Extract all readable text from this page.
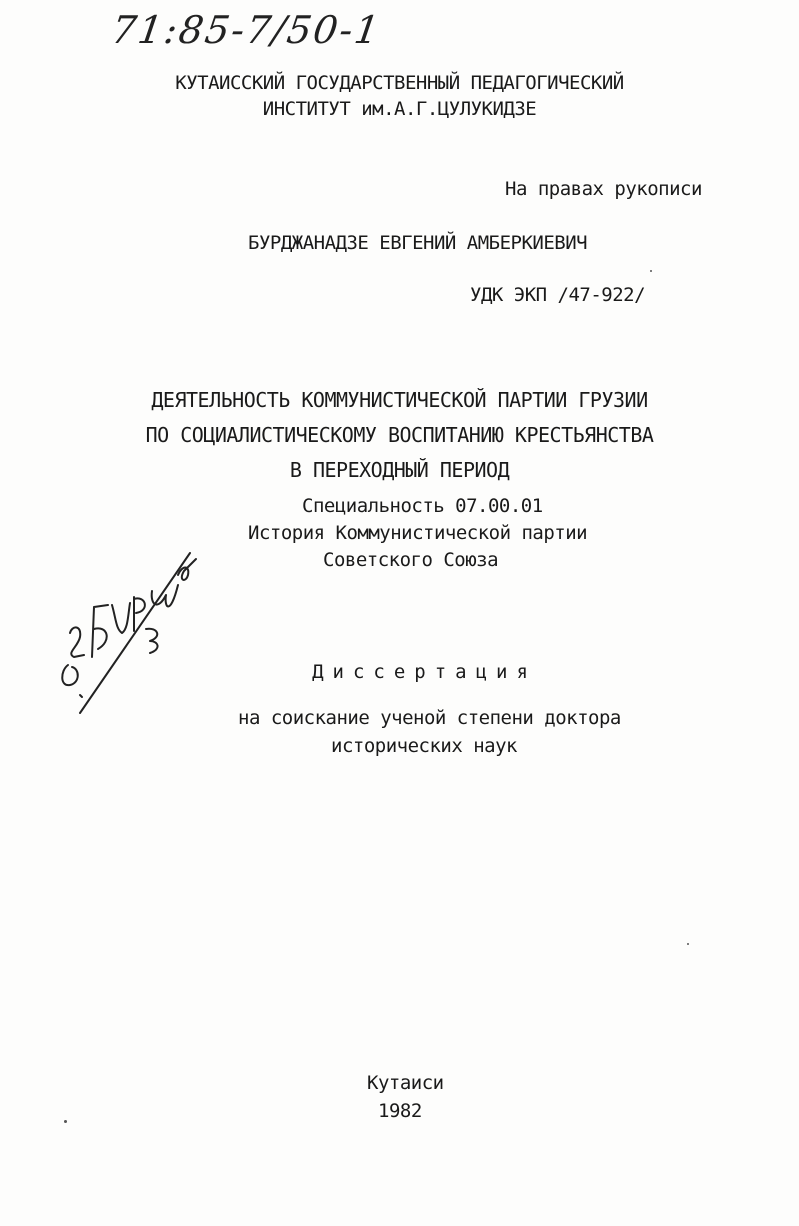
71:85-7/50-1
КУТАИССКИЙ ГОСУДАРСТВЕННЫЙ ПЕДАГОГИЧЕСКИЙ
ИНСТИТУТ им.А.Г.ЦУЛУКИДЗЕ
На правах рукописи
БУРДЖАНАДЗЕ ЕВГЕНИЙ АМБЕРКИЕВИЧ
УДК ЭКП /47-922/
ДЕЯТЕЛЬНОСТЬ КОММУНИСТИЧЕСКОЙ ПАРТИИ ГРУЗИИ
ПО СОЦИАЛИСТИЧЕСКОМУ ВОСПИТАНИЮ КРЕСТЬЯНСТВА
В ПЕРЕХОДНЫЙ ПЕРИОД
Специальность 07.00.01
История Коммунистической партии
Советского Союза
Диссертация
на соискание ученой степени доктора
исторических наук
Кутаиси
1982
